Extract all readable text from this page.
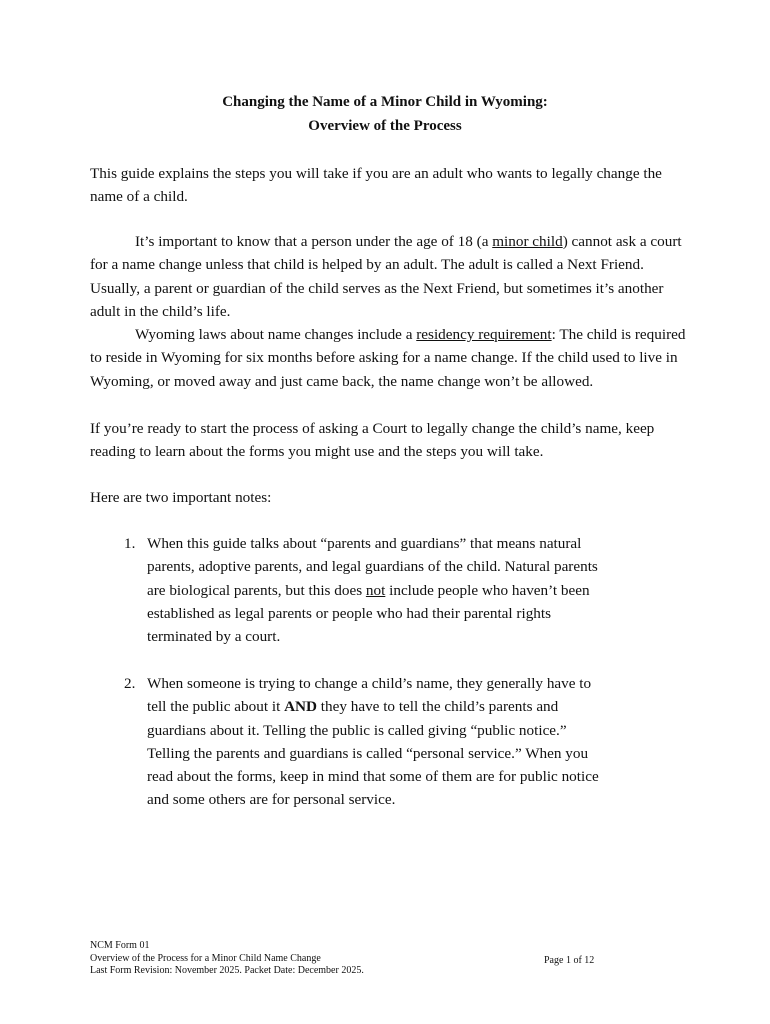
Changing the Name of a Minor Child in Wyoming:
Overview of the Process

This guide explains the steps you will take if you are an adult who wants to legally change the name of a child.

It’s important to know that a person under the age of 18 (a minor child) cannot ask a court for a name change unless that child is helped by an adult. The adult is called a Next Friend. Usually, a parent or guardian of the child serves as the Next Friend, but sometimes it’s another adult in the child’s life.

Wyoming laws about name changes include a residency requirement: The child is required to reside in Wyoming for six months before asking for a name change. If the child used to live in Wyoming, or moved away and just came back, the name change won’t be allowed.

If you’re ready to start the process of asking a Court to legally change the child’s name, keep reading to learn about the forms you might use and the steps you will take.

Here are two important notes:

1. When this guide talks about “parents and guardians” that means natural parents, adoptive parents, and legal guardians of the child. Natural parents are biological parents, but this does not include people who haven’t been established as legal parents or people who had their parental rights terminated by a court.
2. When someone is trying to change a child’s name, they generally have to tell the public about it AND they have to tell the child’s parents and guardians about it. Telling the public is called giving “public notice.” Telling the parents and guardians is called “personal service.” When you read about the forms, keep in mind that some of them are for public notice and some others are for personal service.
NCM Form 01
Overview of the Process for a Minor Child Name Change
Last Form Revision: November 2025. Packet Date: December 2025.
Page 1 of 12
